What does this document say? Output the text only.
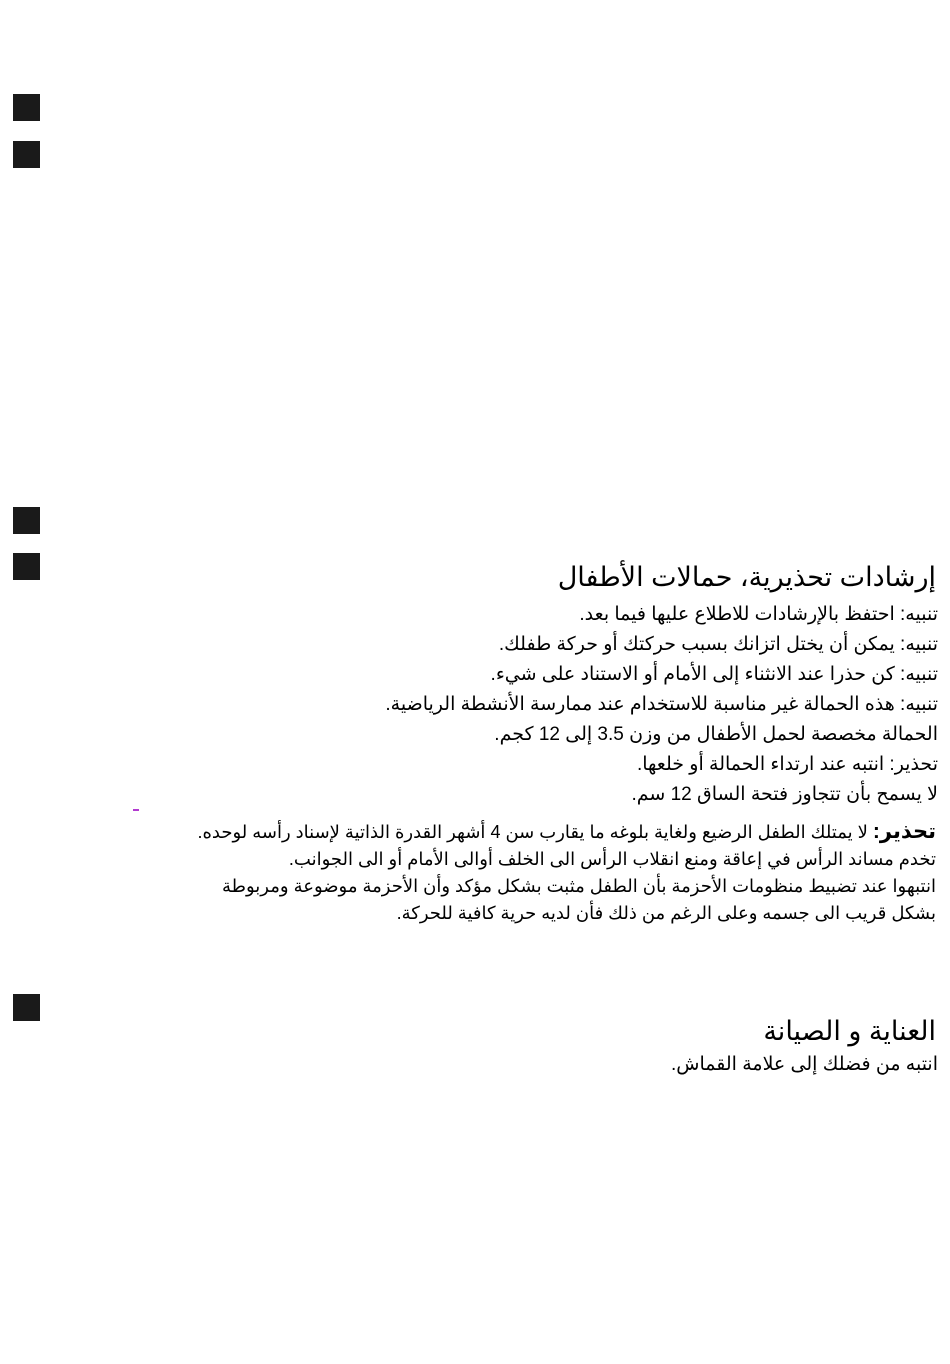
إرشادات تحذيرية، حمالات الأطفال
تنبيه: احتفظ بالإرشادات للاطلاع عليها فيما بعد.
تنبيه: يمكن أن يختل اتزانك بسبب حركتك أو حركة طفلك.
تنبيه: كن حذرا عند الانثناء إلى الأمام أو الاستناد على شيء.
تنبيه: هذه الحمالة غير مناسبة للاستخدام عند ممارسة الأنشطة الرياضية.
الحمالة مخصصة لحمل الأطفال من وزن 3.5 إلى 12 كجم.
تحذير: انتبه عند ارتداء الحمالة أو خلعها.
لا يسمح بأن تتجاوز فتحة الساق 12 سم.
تحذير: لا يمتلك الطفل الرضيع ولغاية بلوغه ما يقارب سن 4 أشهر القدرة الذاتية لإسناد رأسه لوحده.
تخدم مساند الرأس في إعاقة ومنع انقلاب الرأس الى الخلف أوالى الأمام أو الى الجوانب.
انتبهوا عند تضبيط منظومات الأحزمة بأن الطفل مثبت بشكل مؤكد وأن الأحزمة موضوعة ومربوطة
بشكل قريب الى جسمه وعلى الرغم من ذلك فأن لديه حرية كافية للحركة.
العناية و الصيانة
انتبه من فضلك إلى علامة القماش.
